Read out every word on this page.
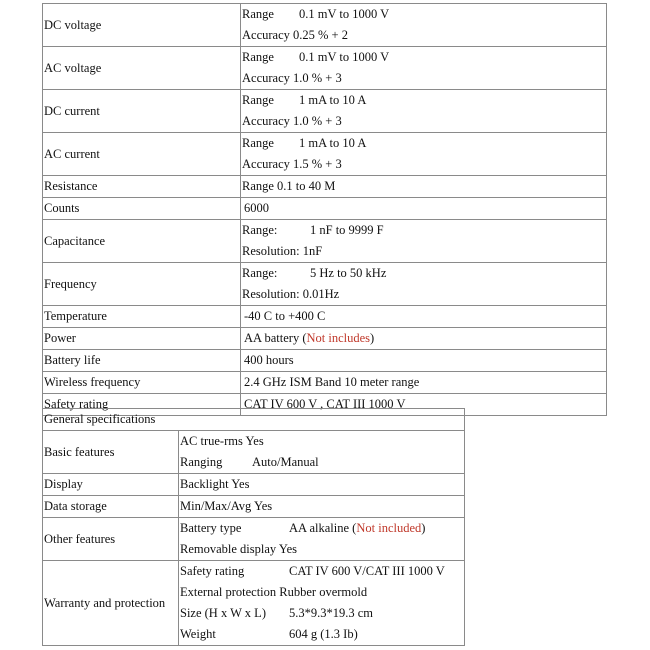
DC voltage	Range 0.1 mV to 1000 V
Accuracy 0.25 % + 2

AC voltage	Range 0.1 mV to 1000 V
Accuracy 1.0 % + 3

DC current	Range 1 mA to 10 A
Accuracy 1.0 % + 3

AC current	Range 1 mA to 10 A
Accuracy 1.5 % + 3

Resistance	Range 0.1 to 40 M

Counts	6000

Capacitance	Range: 1 nF to 9999 F
Resolution: 1nF

Frequency	Range: 5 Hz to 50 kHz
Resolution: 0.01Hz

Temperature	-40 C to +400 C

Power	AA battery (Not includes)

Battery life	400 hours

Wireless frequency	2.4 GHz ISM Band 10 meter range

Safety rating	CAT IV 600 V , CAT III 1000 V
General specifications	

Basic features	AC true-rms Yes
Ranging Auto/Manual

Display	Backlight Yes

Data storage	Min/Max/Avg Yes

Other features	Battery type AA alkaline (Not included)
Removable display Yes

Warranty and protection	Safety rating CAT IV 600 V/CAT III 1000 V
External protection Rubber overmold
Size (H x W x L) 5.3*9.3*19.3 cm
Weight 604 g (1.3 Ib)
